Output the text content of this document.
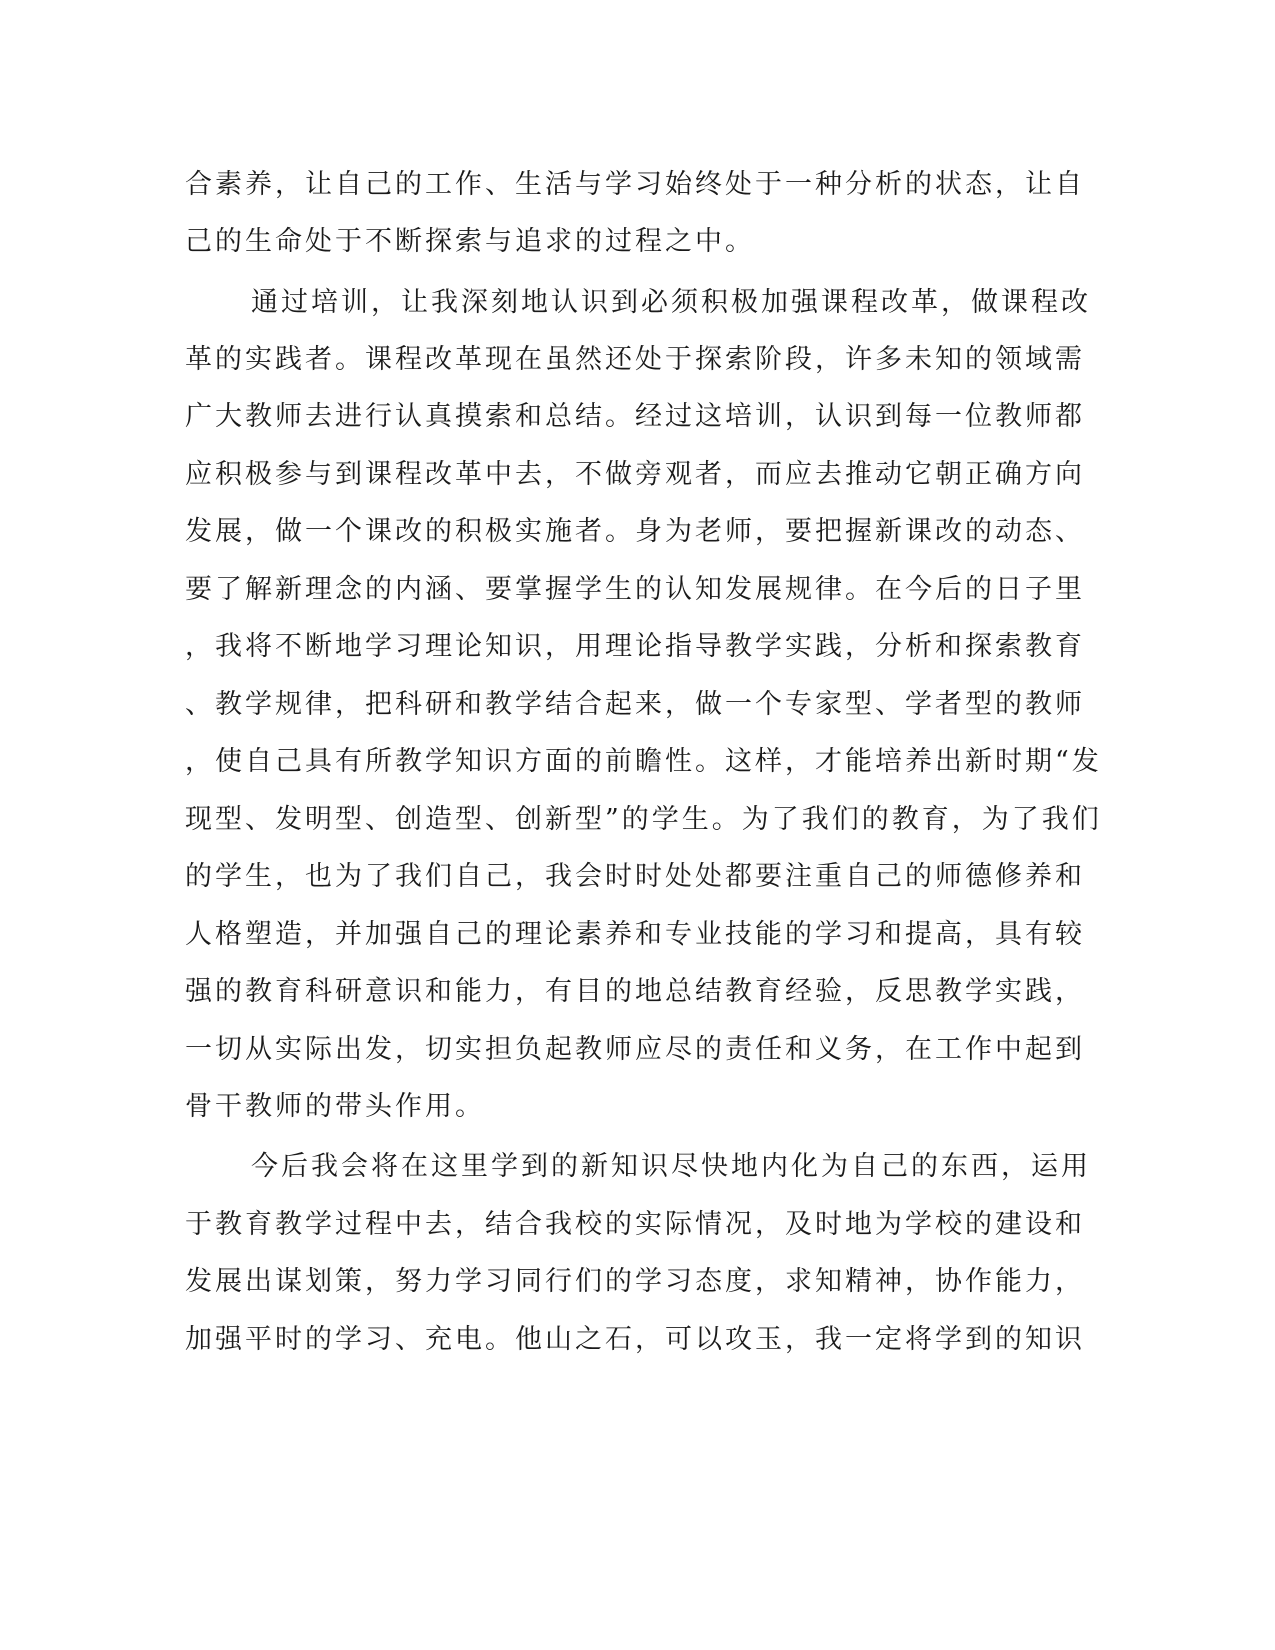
合素养，让自己的工作、生活与学习始终处于一种分析的状态，让自
己的生命处于不断探索与追求的过程之中。
通过培训，让我深刻地认识到必须积极加强课程改革，做课程改
革的实践者。课程改革现在虽然还处于探索阶段，许多未知的领域需
广大教师去进行认真摸索和总结。经过这培训，认识到每一位教师都
应积极参与到课程改革中去，不做旁观者，而应去推动它朝正确方向
发展，做一个课改的积极实施者。身为老师，要把握新课改的动态、
要了解新理念的内涵、要掌握学生的认知发展规律。在今后的日子里
，我将不断地学习理论知识，用理论指导教学实践，分析和探索教育
、教学规律，把科研和教学结合起来，做一个专家型、学者型的教师
，使自己具有所教学知识方面的前瞻性。这样，才能培养出新时期“发
现型、发明型、创造型、创新型”的学生。为了我们的教育，为了我们
的学生，也为了我们自己，我会时时处处都要注重自己的师德修养和
人格塑造，并加强自己的理论素养和专业技能的学习和提高，具有较
强的教育科研意识和能力，有目的地总结教育经验，反思教学实践，
一切从实际出发，切实担负起教师应尽的责任和义务，在工作中起到
骨干教师的带头作用。
今后我会将在这里学到的新知识尽快地内化为自己的东西，运用
于教育教学过程中去，结合我校的实际情况，及时地为学校的建设和
发展出谋划策，努力学习同行们的学习态度，求知精神，协作能力，
加强平时的学习、充电。他山之石，可以攻玉，我一定将学到的知识
